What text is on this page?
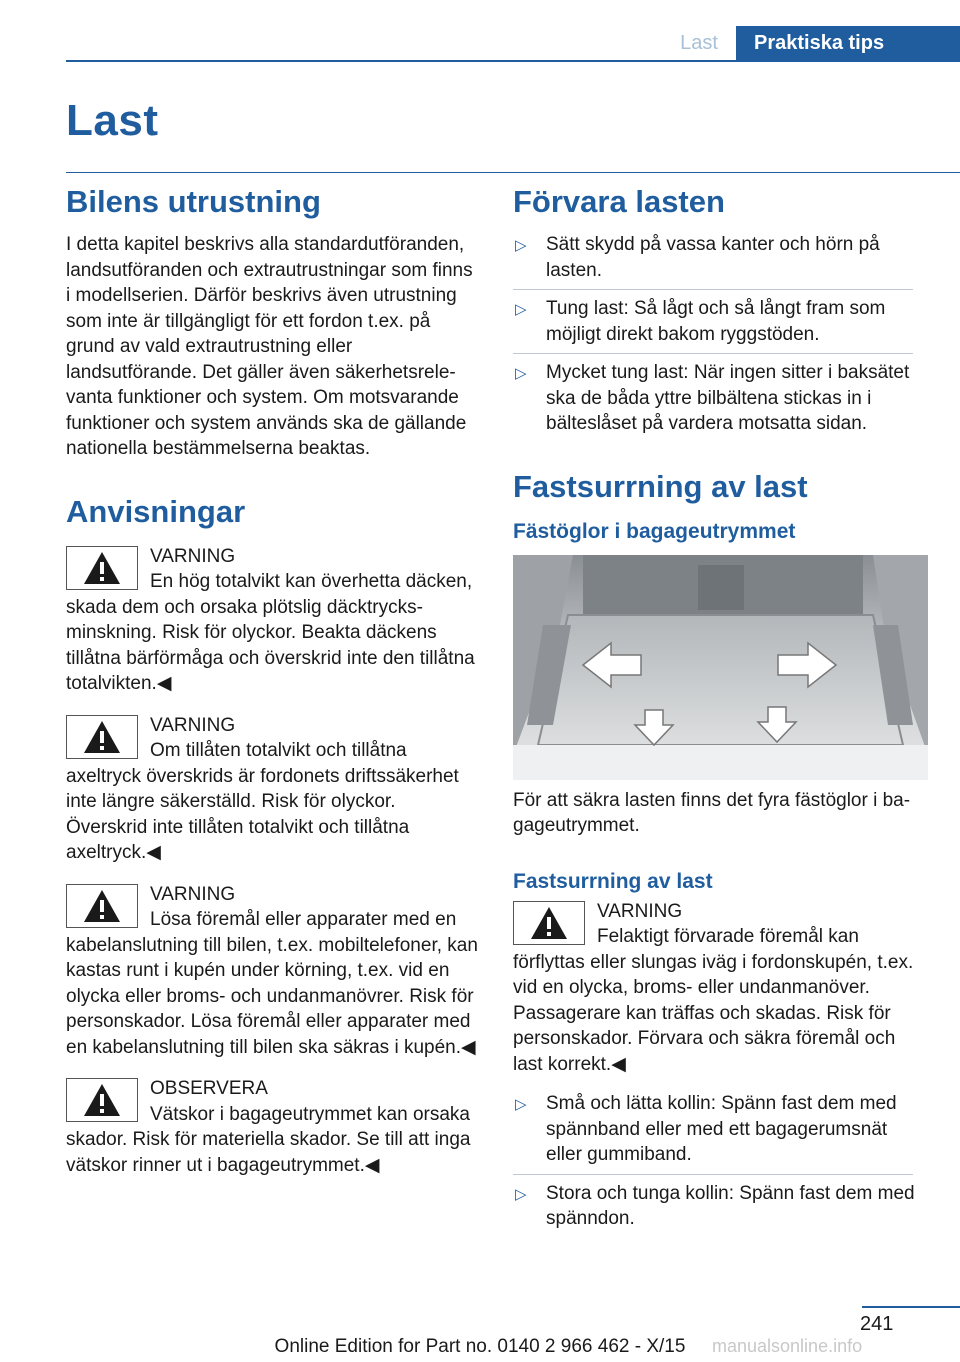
Last	Praktiska tips
Last
Bilens utrustning

I detta kapitel beskrivs alla standardutföranden, landsutföranden och extrautrustningar som finns i modellserien. Därför beskrivs även utrustning som inte är tillgängligt för ett fordon t.ex. på grund av vald extrautrustning eller landsutförande. Det gäller även säkerhetsrelevanta funktioner och system. Om motsvarande funktioner och system används ska de gällande nationella bestämmelserna beaktas.

Anvisningar
VARNING

En hög totalvikt kan överhetta däcken, skada dem och orsaka plötslig däcktrycksminskning. Risk för olyckor. Beakta däckens tillåtna bärförmåga och överskrid inte den tillåtna totalvikten.◀

VARNING

Om tillåten totalvikt och tillåtna axeltryck överskrids är fordonets driftssäkerhet inte längre säkerställd. Risk för olyckor. Överskrid inte tillåten totalvikt och tillåtna axeltryck.◀

VARNING

Lösa föremål eller apparater med en kabelanslutning till bilen, t.ex. mobiltelefoner, kan kastas runt i kupén under körning, t.ex. vid en olycka eller broms- och undanmanövrer. Risk för personskador. Lösa föremål eller apparater med en kabelanslutning till bilen ska säkras i kupén.◀

OBSERVERA

Vätskor i bagageutrymmet kan orsaka skador. Risk för materiella skador. Se till att inga vätskor rinner ut i bagageutrymmet.◀

Förvara lasten
▷ Sätt skydd på vassa kanter och hörn på lasten.
▷ Tung last: Så lågt och så långt fram som möjligt direkt bakom ryggstöden.
▷ Mycket tung last: När ingen sitter i baksätet ska de båda yttre bilbältena stickas in i bälteslåset på vardera motsatta sidan.
Fastsurrning av last
Fästöglor i bagageutrymmet

För att säkra lasten finns det fyra fästöglor i bagageutrymmet.

Fastsurrning av last
VARNING

Felaktigt förvarade föremål kan förflyttas eller slungas iväg i fordonskupén, t.ex. vid en olycka, broms- eller undanmanöver. Passagerare kan träffas och skadas. Risk för personskador. Förvara och säkra föremål och last korrekt.◀

▷ Små och lätta kollin: Spänn fast dem med spännband eller med ett bagagerumsnät eller gummiband.
▷ Stora och tunga kollin: Spänn fast dem med spänndon.
241
Online Edition for Part no. 0140 2 966 462 - X/15	manualsonline.info
